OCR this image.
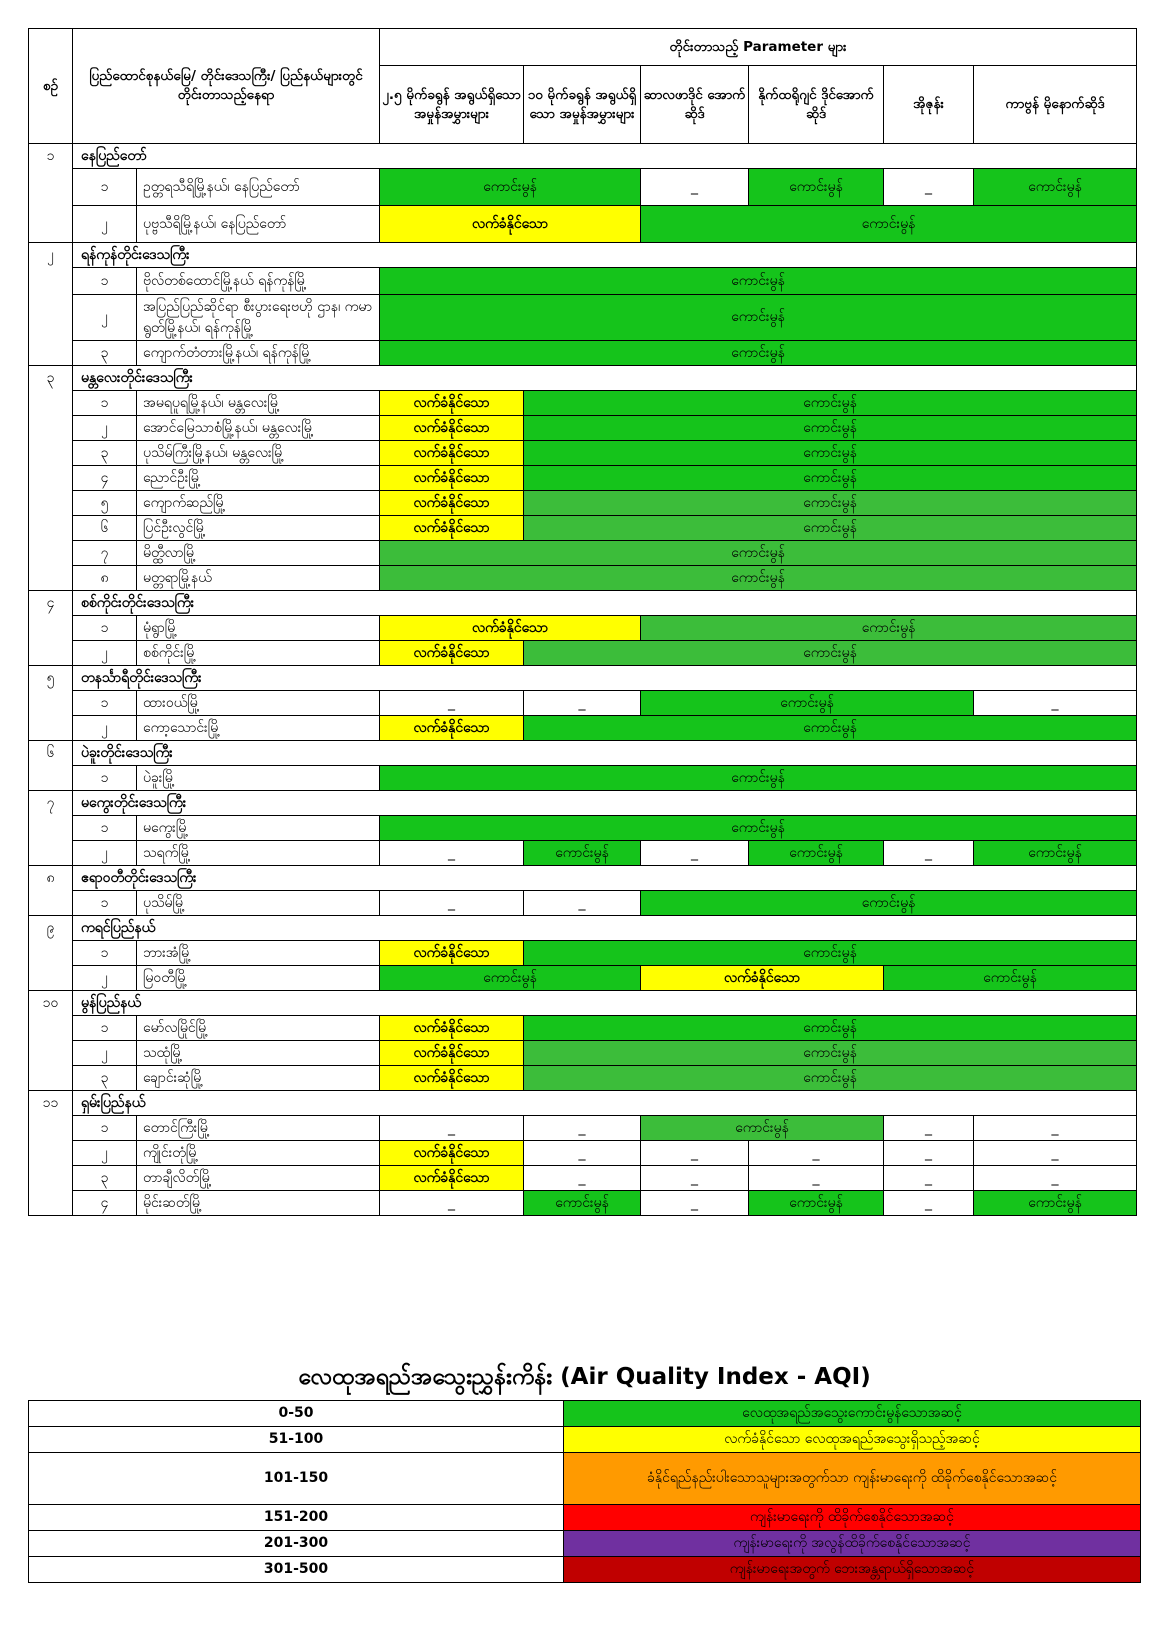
စဉ်	ပြည်ထောင်စုနယ်မြေ/ တိုင်းဒေသကြီး/ ပြည်နယ်များတွင် တိုင်းတာသည့်နေရာ		တိုင်းတာသည့် Parameter များ					
			၂.၅ မိုက်ခရွန် အရွယ်ရှိသော အမှုန်အမွှားများ	၁၀ မိုက်ခရွန် အရွယ်ရှိသော အမှုန်အမွှားများ	ဆာလဖာဒိုင် အောက်ဆိုဒ်	နိုက်ထရိုဂျင် ဒိုင်အောက် ဆိုဒ်	အိုဇုန်း	ကာဗွန် မိုနောက်ဆိုဒ်
၁	နေပြည်တော်							
	၁	ဥတ္တရသီရိမြို့နယ်၊ နေပြည်တော်	ကောင်းမွန်		_	ကောင်းမွန်	_	ကောင်းမွန်
	၂	ပုဗ္ဗသီရိမြို့နယ်၊ နေပြည်တော်	လက်ခံနိုင်သော		ကောင်းမွန်			
၂	ရန်ကုန်တိုင်းဒေသကြီး							
	၁	ဗိုလ်တစ်ထောင်မြို့နယ် ရန်ကုန်မြို့	ကောင်းမွန်					
	၂	အပြည်ပြည်ဆိုင်ရာ စီးပွားရေးဗဟို ဌာန၊ ကမာရွတ်မြို့နယ်၊ ရန်ကုန်မြို့	ကောင်းမွန်					
	၃	ကျောက်တံတားမြို့နယ်၊ ရန်ကုန်မြို့	ကောင်းမွန်					
၃	မန္တလေးတိုင်းဒေသကြီး							
	၁	အမရပူရမြို့နယ်၊ မန္တလေးမြို့	လက်ခံနိုင်သော	ကောင်းမွန်				
	၂	အောင်မြေသာစံမြို့နယ်၊ မန္တလေးမြို့	လက်ခံနိုင်သော	ကောင်းမွန်				
	၃	ပုသိမ်ကြီးမြို့နယ်၊ မန္တလေးမြို့	လက်ခံနိုင်သော	ကောင်းမွန်				
	၄	ညောင်ဦးမြို့	လက်ခံနိုင်သော	ကောင်းမွန်				
	၅	ကျောက်ဆည်မြို့	လက်ခံနိုင်သော	ကောင်းမွန်				
	၆	ပြင်ဦးလွင်မြို့	လက်ခံနိုင်သော	ကောင်းမွန်				
	၇	မိတ္ထီလာမြို့	ကောင်းမွန်					
	၈	မတ္တရာမြို့နယ်	ကောင်းမွန်					
၄	စစ်ကိုင်းတိုင်းဒေသကြီး							
	၁	မုံရွာမြို့	လက်ခံနိုင်သော		ကောင်းမွန်			
	၂	စစ်ကိုင်းမြို့	လက်ခံနိုင်သော	ကောင်းမွန်				
၅	တနင်္သာရီတိုင်းဒေသကြီး							
	၁	ထားဝယ်မြို့	_	_	ကောင်းမွန်			_
	၂	ကော့သောင်းမြို့	လက်ခံနိုင်သော	ကောင်းမွန်				
၆	ပဲခူးတိုင်းဒေသကြီး							
	၁	ပဲခူးမြို့	ကောင်းမွန်					
၇	မကွေးတိုင်းဒေသကြီး							
	၁	မကွေးမြို့	ကောင်းမွန်					
	၂	သရက်မြို့	_	ကောင်းမွန်	_	ကောင်းမွန်	_	ကောင်းမွန်
၈	ဧရာဝတီတိုင်းဒေသကြီး							
	၁	ပုသိမ်မြို့	_	_	ကောင်းမွန်			
၉	ကရင်ပြည်နယ်							
	၁	ဘားအံမြို့	လက်ခံနိုင်သော	ကောင်းမွန်				
	၂	မြဝတီမြို့	ကောင်းမွန်		လက်ခံနိုင်သော		ကောင်းမွန်	
၁၀	မွန်ပြည်နယ်							
	၁	မော်လမြိုင်မြို့	လက်ခံနိုင်သော	ကောင်းမွန်				
	၂	သထုံမြို့	လက်ခံနိုင်သော	ကောင်းမွန်				
	၃	ချောင်းဆုံမြို့	လက်ခံနိုင်သော	ကောင်းမွန်				
၁၁	ရှမ်းပြည်နယ်							
	၁	တောင်ကြီးမြို့	_	_	ကောင်းမွန်		_	_
	၂	ကျိုင်းတုံမြို့	လက်ခံနိုင်သော	_	_	_	_	_
	၃	တာချီလိတ်မြို့	လက်ခံနိုင်သော	_	_	_	_	_
	၄	မိုင်းဆတ်မြို့	_	ကောင်းမွန်	_	ကောင်းမွန်	_	ကောင်းမွန်
လေထုအရည်အသွေးညွှန်းကိန်း (Air Quality Index - AQI)
0-50	လေထုအရည်အသွေးကောင်းမွန်သောအဆင့်
51-100	လက်ခံနိုင်သော လေထုအရည်အသွေးရှိသည့်အဆင့်
101-150	ခံနိုင်ရည်နည်းပါးသောသူများအတွက်သာ ကျန်းမာရေးကို ထိခိုက်စေနိုင်သောအဆင့်
151-200	ကျန်းမာရေးကို ထိခိုက်စေနိုင်သောအဆင့်
201-300	ကျန်းမာရေးကို အလွန်ထိခိုက်စေနိုင်သောအဆင့်
301-500	ကျန်းမာရေးအတွက် ဘေးအန္တရာယ်ရှိသောအဆင့်
